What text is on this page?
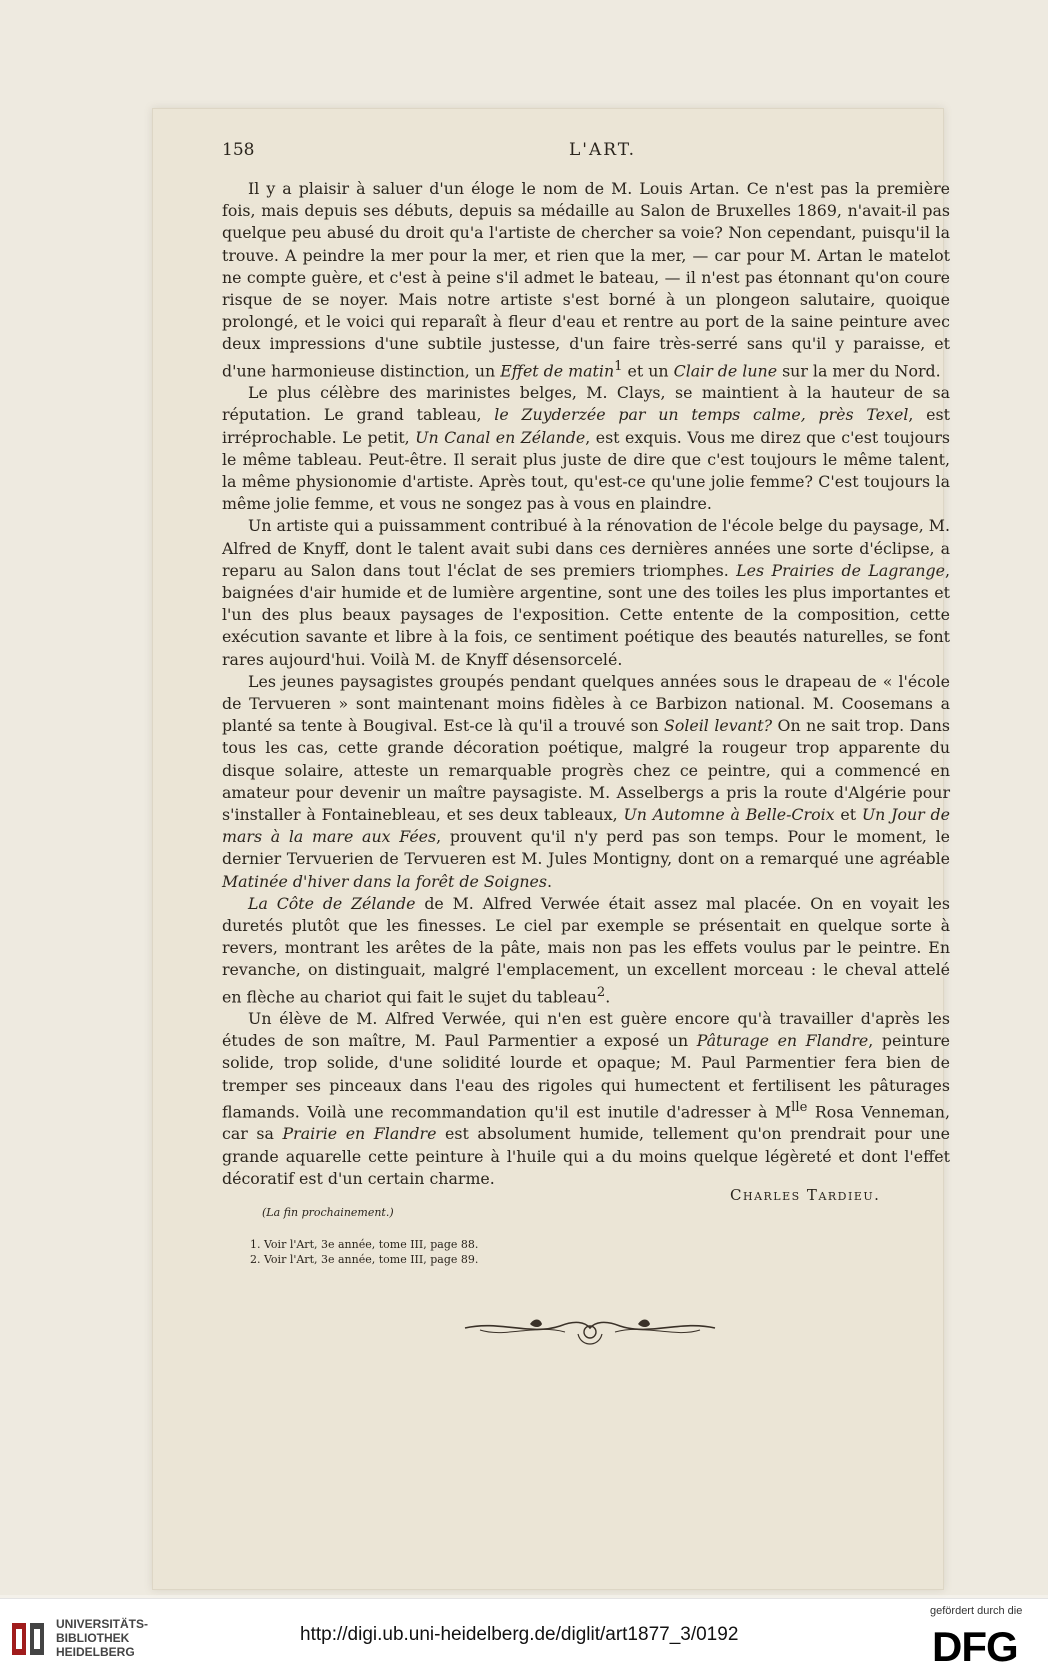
158	L'ART.

Il y a plaisir à saluer d'un éloge le nom de M. Louis Artan. Ce n'est pas la première fois, mais depuis ses débuts, depuis sa médaille au Salon de Bruxelles 1869, n'avait-il pas quelque peu abusé du droit qu'a l'artiste de chercher sa voie? Non cependant, puisqu'il la trouve. A peindre la mer pour la mer, et rien que la mer, — car pour M. Artan le matelot ne compte guère, et c'est à peine s'il admet le bateau, — il n'est pas étonnant qu'on coure risque de se noyer. Mais notre artiste s'est borné à un plongeon salutaire, quoique prolongé, et le voici qui reparaît à fleur d'eau et rentre au port de la saine peinture avec deux impressions d'une subtile justesse, d'un faire très-serré sans qu'il y paraisse, et d'une harmonieuse distinction, un Effet de matin$^1$ et un Clair de lune sur la mer du Nord.

Le plus célèbre des marinistes belges, M. Clays, se maintient à la hauteur de sa réputation. Le grand tableau, le Zuyderzée par un temps calme, près Texel, est irréprochable. Le petit, Un Canal en Zélande, est exquis. Vous me direz que c'est toujours le même tableau. Peut-être. Il serait plus juste de dire que c'est toujours le même talent, la même physionomie d'artiste. Après tout, qu'est-ce qu'une jolie femme? C'est toujours la même jolie femme, et vous ne songez pas à vous en plaindre.

Un artiste qui a puissamment contribué à la rénovation de l'école belge du paysage, M. Alfred de Knyff, dont le talent avait subi dans ces dernières années une sorte d'éclipse, a reparu au Salon dans tout l'éclat de ses premiers triomphes. Les Prairies de Lagrange, baignées d'air humide et de lumière argentine, sont une des toiles les plus importantes et l'un des plus beaux paysages de l'exposition. Cette entente de la composition, cette exécution savante et libre à la fois, ce sentiment poétique des beautés naturelles, se font rares aujourd'hui. Voilà M. de Knyff désensorcelé.

Les jeunes paysagistes groupés pendant quelques années sous le drapeau de « l'école de Tervueren » sont maintenant moins fidèles à ce Barbizon national. M. Coosemans a planté sa tente à Bougival. Est-ce là qu'il a trouvé son Soleil levant? On ne sait trop. Dans tous les cas, cette grande décoration poétique, malgré la rougeur trop apparente du disque solaire, atteste un remarquable progrès chez ce peintre, qui a commencé en amateur pour devenir un maître paysagiste. M. Asselbergs a pris la route d'Algérie pour s'installer à Fontainebleau, et ses deux tableaux, Un Automne à Belle-Croix et Un Jour de mars à la mare aux Fées, prouvent qu'il n'y perd pas son temps. Pour le moment, le dernier Tervuerien de Tervueren est M. Jules Montigny, dont on a remarqué une agréable Matinée d'hiver dans la forêt de Soignes.

La Côte de Zélande de M. Alfred Verwée était assez mal placée. On en voyait les duretés plutôt que les finesses. Le ciel par exemple se présentait en quelque sorte à revers, montrant les arêtes de la pâte, mais non pas les effets voulus par le peintre. En revanche, on distinguait, malgré l'emplacement, un excellent morceau : le cheval attelé en flèche au chariot qui fait le sujet du tableau$^2$.

Un élève de M. Alfred Verwée, qui n'en est guère encore qu'à travailler d'après les études de son maître, M. Paul Parmentier a exposé un Pâturage en Flandre, peinture solide, trop solide, d'une solidité lourde et opaque; M. Paul Parmentier fera bien de tremper ses pinceaux dans l'eau des rigoles qui humectent et fertilisent les pâturages flamands. Voilà une recommandation qu'il est inutile d'adresser à $M^{lle}$ Rosa Venneman, car sa Prairie en Flandre est absolument humide, tellement qu'on prendrait pour une grande aquarelle cette peinture à l'huile qui a du moins quelque légèreté et dont l'effet décoratif est d'un certain charme.

Charles Tardieu.
(La fin prochainement.)
1. Voir l'Art, 3e année, tome III, page 88.
2. Voir l'Art, 3e année, tome III, page 89.
UNIVERSITÄTS-
BIBLIOTHEK
HEIDELBERG
http://digi.ub.uni-heidelberg.de/diglit/art1877_3/0192
gefördert durch die
DFG
